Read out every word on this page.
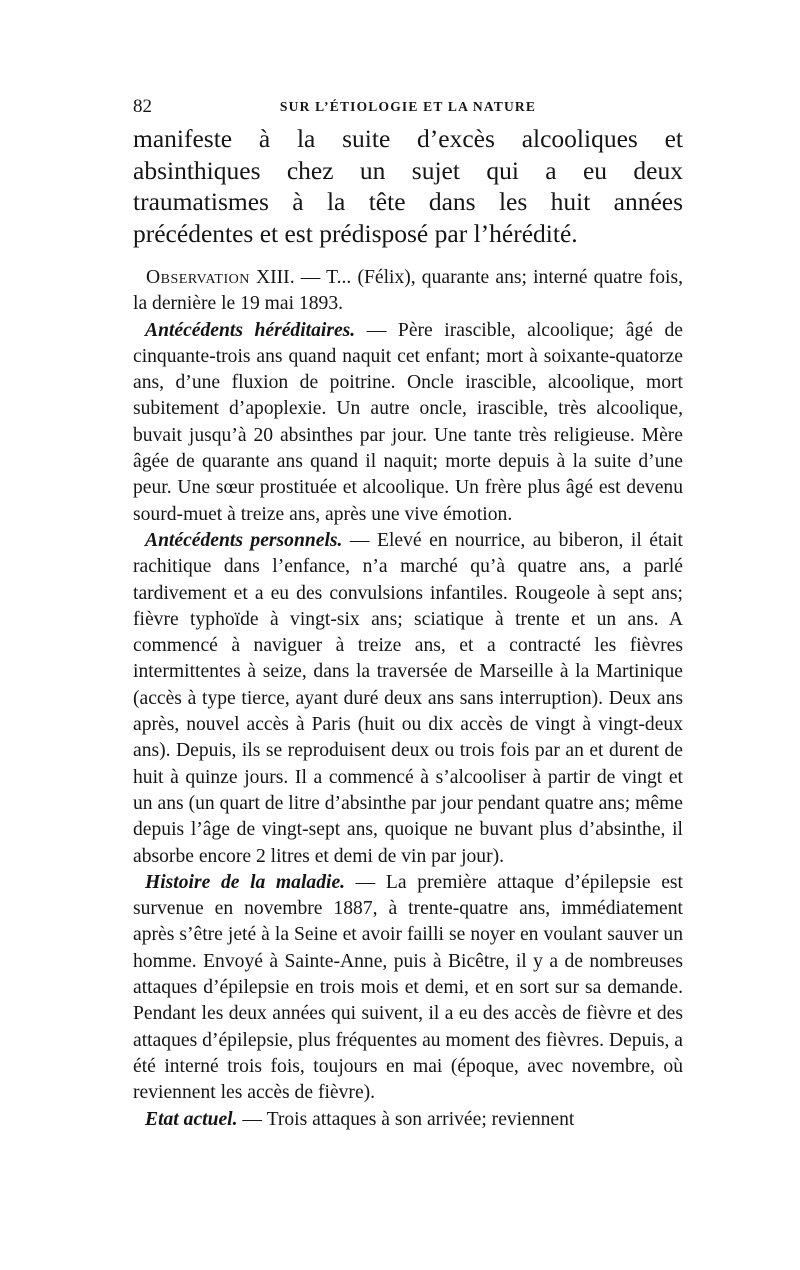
82	SUR L’ÉTIOLOGIE ET LA NATURE

manifeste à la suite d’excès alcooliques et absinthiques chez un sujet qui a eu deux traumatismes à la tête dans les huit années précédentes et est prédisposé par l’hérédité.

Observation XIII. — T... (Félix), quarante ans; interné quatre fois, la dernière le 19 mai 1893.

Antécédents héréditaires. — Père irascible, alcoolique; âgé de cinquante-trois ans quand naquit cet enfant; mort à soixante-quatorze ans, d’une fluxion de poitrine. Oncle irascible, alcoolique, mort subitement d’apoplexie. Un autre oncle, irascible, très alcoolique, buvait jusqu’à 20 absinthes par jour. Une tante très religieuse. Mère âgée de quarante ans quand il naquit; morte depuis à la suite d’une peur. Une sœur prostituée et alcoolique. Un frère plus âgé est devenu sourd-muet à treize ans, après une vive émotion.

Antécédents personnels. — Elevé en nourrice, au biberon, il était rachitique dans l’enfance, n’a marché qu’à quatre ans, a parlé tardivement et a eu des convulsions infantiles. Rougeole à sept ans; fièvre typhoïde à vingt-six ans; sciatique à trente et un ans. A commencé à naviguer à treize ans, et a contracté les fièvres intermittentes à seize, dans la traversée de Marseille à la Martinique (accès à type tierce, ayant duré deux ans sans interruption). Deux ans après, nouvel accès à Paris (huit ou dix accès de vingt à vingt-deux ans). Depuis, ils se reproduisent deux ou trois fois par an et durent de huit à quinze jours. Il a commencé à s’alcooliser à partir de vingt et un ans (un quart de litre d’absinthe par jour pendant quatre ans; même depuis l’âge de vingt-sept ans, quoique ne buvant plus d’absinthe, il absorbe encore 2 litres et demi de vin par jour).

Histoire de la maladie. — La première attaque d’épilepsie est survenue en novembre 1887, à trente-quatre ans, immédiatement après s’être jeté à la Seine et avoir failli se noyer en voulant sauver un homme. Envoyé à Sainte-Anne, puis à Bicêtre, il y a de nombreuses attaques d’épilepsie en trois mois et demi, et en sort sur sa demande. Pendant les deux années qui suivent, il a eu des accès de fièvre et des attaques d’épilepsie, plus fréquentes au moment des fièvres. Depuis, a été interné trois fois, toujours en mai (époque, avec novembre, où reviennent les accès de fièvre).

Etat actuel. — Trois attaques à son arrivée; reviennent
